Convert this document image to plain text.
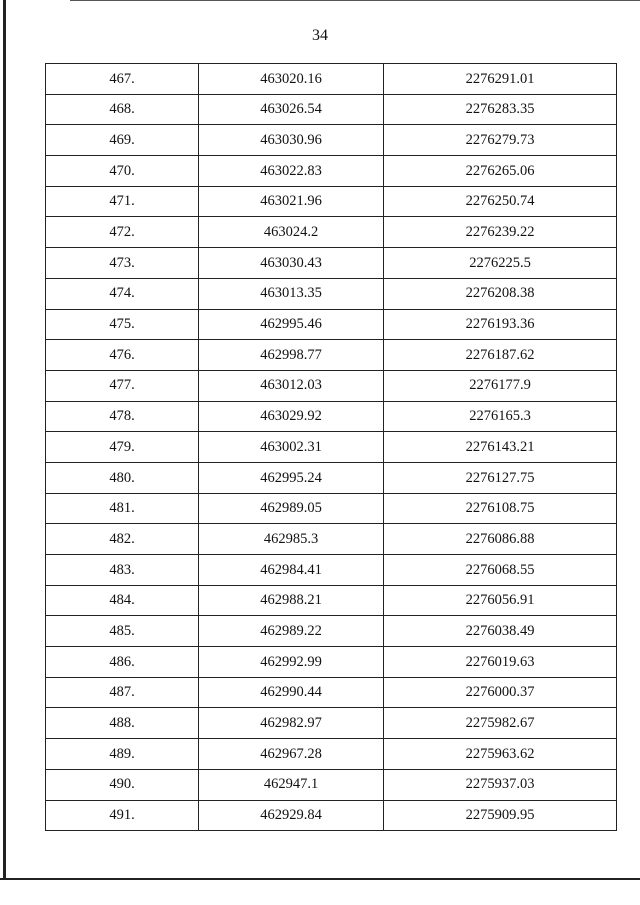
34
467.	463020.16	2276291.01
468.	463026.54	2276283.35
469.	463030.96	2276279.73
470.	463022.83	2276265.06
471.	463021.96	2276250.74
472.	463024.2	2276239.22
473.	463030.43	2276225.5
474.	463013.35	2276208.38
475.	462995.46	2276193.36
476.	462998.77	2276187.62
477.	463012.03	2276177.9
478.	463029.92	2276165.3
479.	463002.31	2276143.21
480.	462995.24	2276127.75
481.	462989.05	2276108.75
482.	462985.3	2276086.88
483.	462984.41	2276068.55
484.	462988.21	2276056.91
485.	462989.22	2276038.49
486.	462992.99	2276019.63
487.	462990.44	2276000.37
488.	462982.97	2275982.67
489.	462967.28	2275963.62
490.	462947.1	2275937.03
491.	462929.84	2275909.95
